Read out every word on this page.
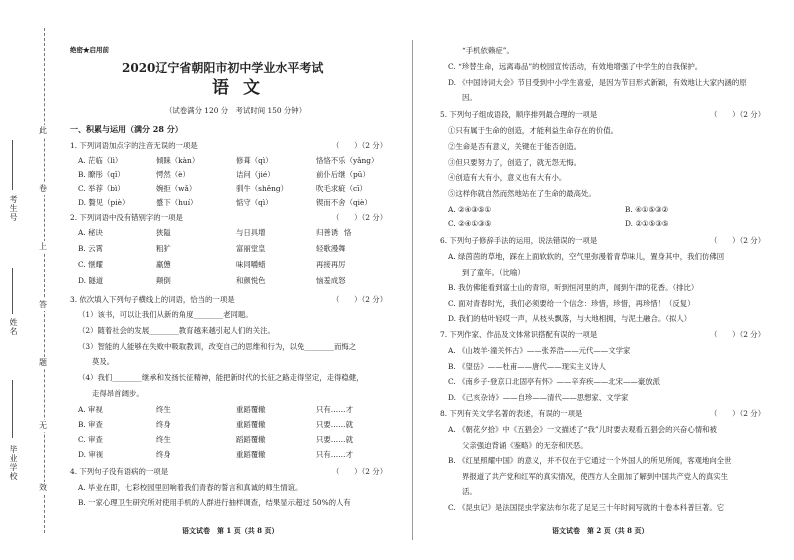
此
卷
上
答
题
无
效
考生号
姓名
毕业学校
绝密★启用前
2020辽宁省朝阳市初中学业水平考试
语文
（试卷满分 120 分　考试时间 150 分钟）
一、积累与运用（满分 28 分）
1. 下列词语加点字的注音无误的一项是	（　　）（2 分）
A. 茫临（lì）	倾睐（kàn）	修葺（qì）	恪恪不乐（yǎng）
B. 瞭彤（qǐ）	愕然（è）	诘问（jié）	前仆后继（pū）
C. 举荐（bì）	婉拒（wǎ）	驯牛（shěng）	吹毛求疵（cī）
D. 贅见（piè）	蹙下（huí）	惦守（qì）	锲而不舍（qiè）
2. 下列词语中没有错别字的一项是	（　　）（2 分）
A. 秘诀	狭隘	与日具增	归善诱 恪
B. 云霄	粗犷	富丽堂皇	轻歌漫舞
C. 惬耀	羸憊	味同嚼蜡	再接再厉
D. 隧道	颠倒	和颜悦色	恼羞成怒
3. 依次填入下列句子横线上的词语，恰当的一项是	（　　）（2 分）
（1）该书，可以让我们从新的角度________老同题。
（2）随着社会的发展________教育越来越引起人们的关注。
（3）智能的人能够在失败中吸取教训，改变自己的思维和行为，以免________而悔之
莫及。
（4）我们________继承和发扬长征精神，能把新时代的长征之路走得坚定，走得稳健，
走得昂首阔步。
A. 审视	终生	重蹈覆辙	只有……才
B. 审查	终身	重蹈覆辙	只要……就
C. 审查	终生	蹈蹈覆辙	只要……就
D. 审视	终身	重蹈覆辙	只有……才
4. 下列句子没有语病的一项是	（　　）（2 分）
A. 毕业在即，七彩校园里回响着我们青春的誓言和真诚的师生情谊。
B. 一家心理卫生研究所对使用手机的人群进行抽样调查，结果显示超过 50%的人有
语文试卷　第 1 页（共 8 页）
“手机依赖症”。
C. “珍替生命，远离毒品”的校园宣传活动，有效地增强了中学生的自我保护。
D. 《中国诗词大会》节目受到中小学生喜爱，是因为节目形式新颖，有效地让大家内涵的原
因。
5. 下列句子组成语段，顺序排列最合理的一项是	（　　）（2 分）
①只有属于生命的创造，才能利益生命存在的价值。
②生命是否有意义，关键在于能否创造。
③但只要努力了，创造了，就无怨无悔。
④创造有大有小，意义也有大有小。
⑤这样你就自然而然地站在了生命的最高处。
A. ②④③⑤①	B. ④①⑤③②
C. ②④①③⑤	D. ②①⑤③⑤
6. 下列句子修辞手法的运用，说法错误的一项是	（　　）（2 分）
A. 绿茵茵的草地，踩在上面软软的，空气里弥漫着青草味儿，置身其中，我们仿佛回
到了童年。（比喻）
B. 我仿佛能看到富士山的青帘，听到恒河里的声，闻到午津的花香。（排比）
C. 面对青春时光，我们必须要给一个信念：珍惜，珍惜，再珍惜！（反复）
D. 我们的枯叶轻哎一声，从枝头飘落，与大地相拥，与泥土融合。（拟人）
7. 下列作家、作品及文体常识搭配有误的一项是	（　　）（2 分）
A. 《山坡羊·潼关怀古》——张养浩——元代——文学家
B. 《望岳》——杜甫——唐代——现实主义诗人
C. 《南乡子·登京口北固亭有怀》——辛弃疾——北宋——豪放派
D. 《己亥杂诗》——自珍——清代——思想家、文学家
8. 下列有关文学名著的表述，有误的一项是	（　　）（2 分）
A. 《朝花夕拾》中《五猖会》一文描述了“我”儿时要去观看五猖会的兴奋心情和被
父亲强迫背诵《鉴略》的无奈和厌恶。
B. 《红星照耀中国》的意义，并不仅在于它通过一个外国人的所见所闻，客观地向全世
界报道了共产党和红军的真实情况，使西方人全面加了解到中国共产党人的真实生
活。
C. 《昆虫记》是法国昆虫学家法布尔花了足足三十年时间写就的十卷本科普巨著。它
语文试卷　第 2 页（共 8 页）
